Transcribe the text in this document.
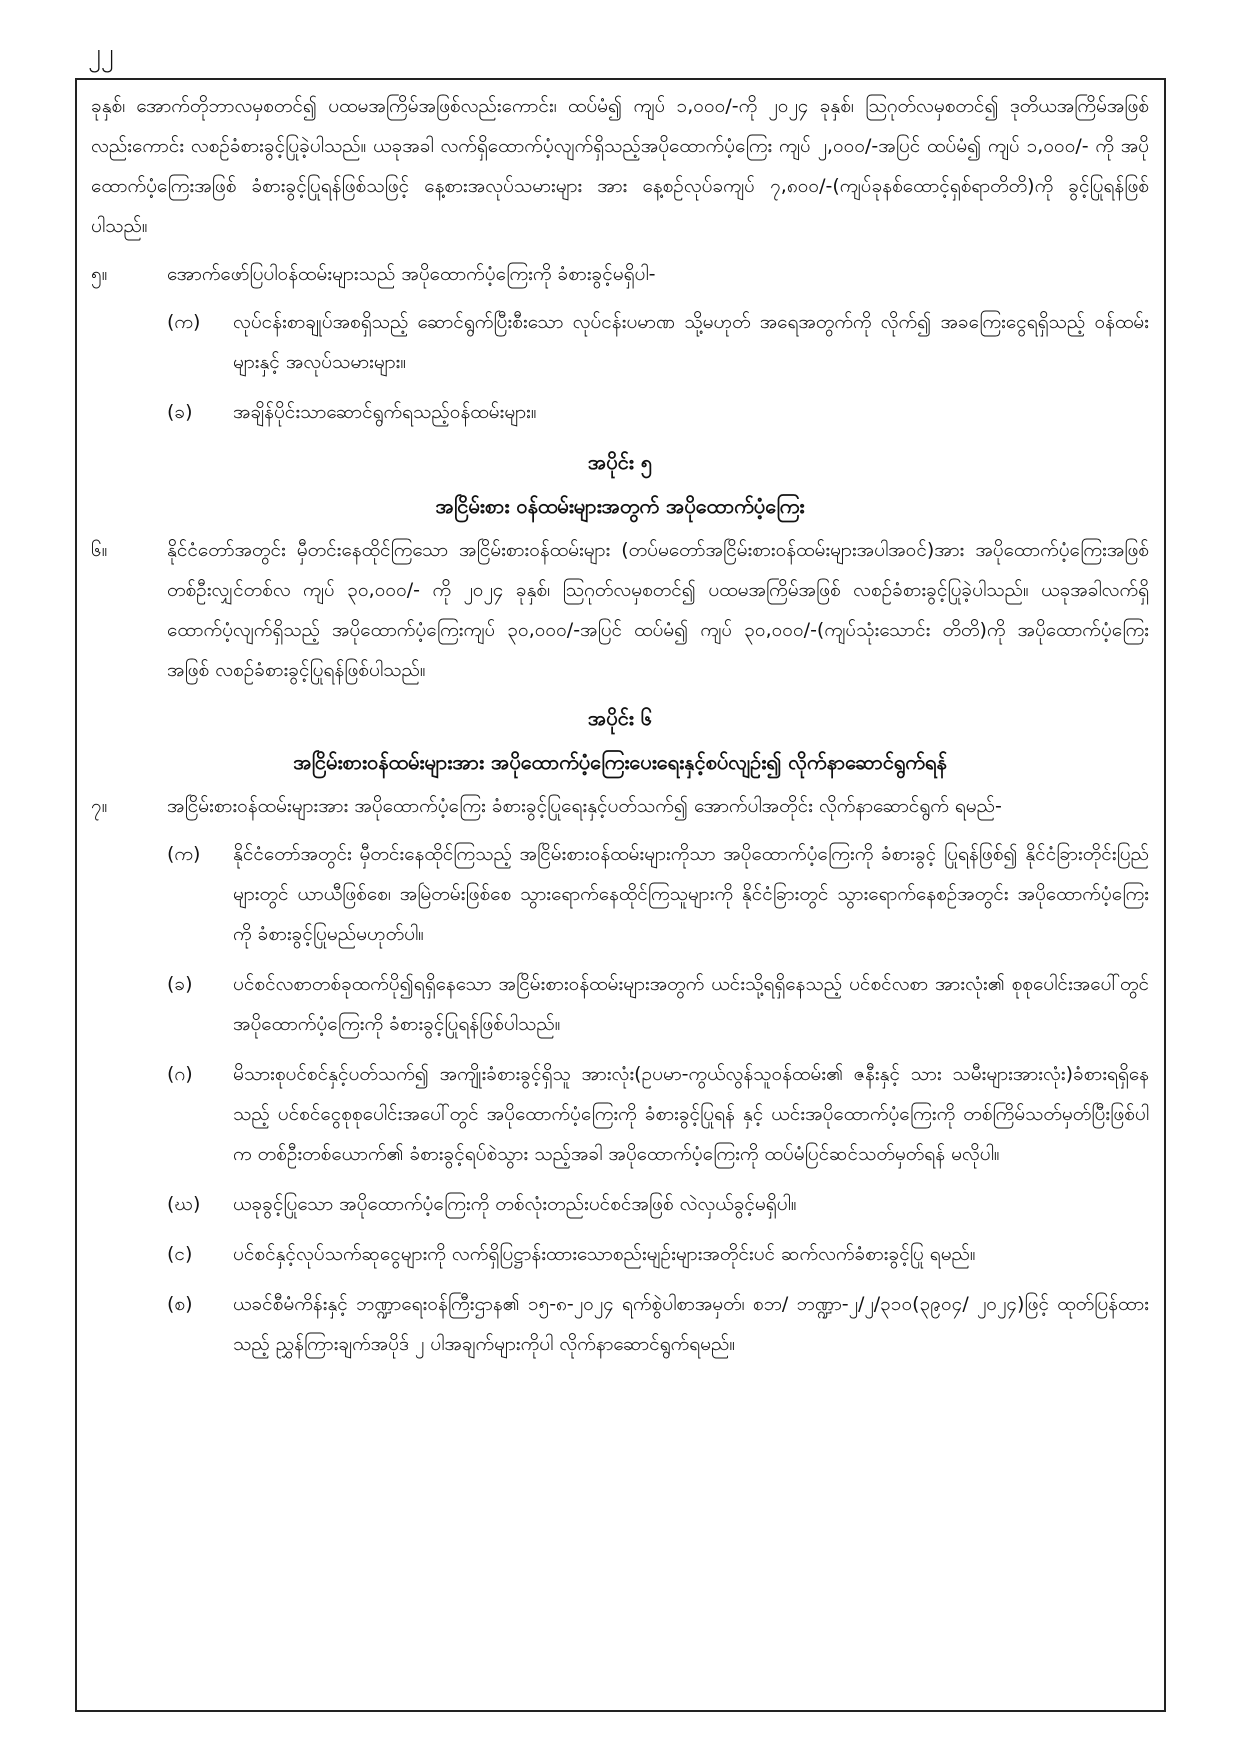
၂၂

ခုနှစ်၊ အောက်တိုဘာလမှစတင်၍ ပထမအကြိမ်အဖြစ်လည်းကောင်း၊ ထပ်မံ၍ ကျပ် ၁,၀၀၀/-ကို ၂၀၂၄ ခုနှစ်၊ ဩဂုတ်လမှစတင်၍ ဒုတိယအကြိမ်အဖြစ်လည်းကောင်း လစဉ်ခံစားခွင့်ပြုခဲ့ပါသည်။ ယခုအခါ လက်ရှိထောက်ပံ့လျက်ရှိသည့်အပိုထောက်ပံ့ကြေး ကျပ် ၂,၀၀၀/-အပြင် ထပ်မံ၍ ကျပ် ၁,၀၀၀/- ကို အပိုထောက်ပံ့ကြေးအဖြစ် ခံစားခွင့်ပြုရန်ဖြစ်သဖြင့် နေ့စားအလုပ်သမားများ အား နေ့စဉ်လုပ်ခကျပ် ၇,၈၀၀/-(ကျပ်ခုနစ်ထောင့်ရှစ်ရာတိတိ)ကို ခွင့်ပြုရန်ဖြစ်ပါသည်။

၅။	အောက်ဖော်ပြပါဝန်ထမ်းများသည် အပိုထောက်ပံ့ကြေးကို ခံစားခွင့်မရှိပါ-
(က)	လုပ်ငန်းစာချုပ်အစရှိသည့် ဆောင်ရွက်ပြီးစီးသော လုပ်ငန်းပမာဏ သို့မဟုတ် အရေအတွက်ကို လိုက်၍ အခကြေးငွေရရှိသည့် ဝန်ထမ်းများနှင့် အလုပ်သမားများ။
(ခ)	အချိန်ပိုင်းသာဆောင်ရွက်ရသည့်ဝန်ထမ်းများ။
အပိုင်း ၅
အငြိမ်းစား ဝန်ထမ်းများအတွက် အပိုထောက်ပံ့ကြေး
၆။	နိုင်ငံတော်အတွင်း မှီတင်းနေထိုင်ကြသော အငြိမ်းစားဝန်ထမ်းများ (တပ်မတော်အငြိမ်းစားဝန်ထမ်းများအပါအဝင်)အား အပိုထောက်ပံ့ကြေးအဖြစ် တစ်ဦးလျှင်တစ်လ ကျပ် ၃၀,၀၀၀/- ကို ၂၀၂၄ ခုနှစ်၊ ဩဂုတ်လမှစတင်၍ ပထမအကြိမ်အဖြစ် လစဉ်ခံစားခွင့်ပြုခဲ့ပါသည်။ ယခုအခါလက်ရှိထောက်ပံ့လျက်ရှိသည့် အပိုထောက်ပံ့ကြေးကျပ် ၃၀,၀၀၀/-အပြင် ထပ်မံ၍ ကျပ် ၃၀,၀၀၀/-(ကျပ်သုံးသောင်း တိတိ)ကို အပိုထောက်ပံ့ကြေးအဖြစ် လစဉ်ခံစားခွင့်ပြုရန်ဖြစ်ပါသည်။
အပိုင်း ၆
အငြိမ်းစားဝန်ထမ်းများအား အပိုထောက်ပံ့ကြေးပေးရေးနှင့်စပ်လျဉ်း၍ လိုက်နာဆောင်ရွက်ရန်
၇။	အငြိမ်းစားဝန်ထမ်းများအား အပိုထောက်ပံ့ကြေး ခံစားခွင့်ပြုရေးနှင့်ပတ်သက်၍ အောက်ပါအတိုင်း လိုက်နာဆောင်ရွက် ရမည်-
(က)	နိုင်ငံတော်အတွင်း မှီတင်းနေထိုင်ကြသည့် အငြိမ်းစားဝန်ထမ်းများကိုသာ အပိုထောက်ပံ့ကြေးကို ခံစားခွင့် ပြုရန်ဖြစ်၍ နိုင်ငံခြားတိုင်းပြည်များတွင် ယာယီဖြစ်စေ၊ အမြဲတမ်းဖြစ်စေ သွားရောက်နေထိုင်ကြသူများကို နိုင်ငံခြားတွင် သွားရောက်နေစဉ်အတွင်း အပိုထောက်ပံ့ကြေးကို ခံစားခွင့်ပြုမည်မဟုတ်ပါ။
(ခ)	ပင်စင်လစာတစ်ခုထက်ပို၍ရရှိနေသော အငြိမ်းစားဝန်ထမ်းများအတွက် ယင်းသို့ရရှိနေသည့် ပင်စင်လစာ အားလုံး၏ စုစုပေါင်းအပေါ်တွင် အပိုထောက်ပံ့ကြေးကို ခံစားခွင့်ပြုရန်ဖြစ်ပါသည်။
(ဂ)	မိသားစုပင်စင်နှင့်ပတ်သက်၍ အကျိုးခံစားခွင့်ရှိသူ အားလုံး(ဥပမာ-ကွယ်လွန်သူဝန်ထမ်း၏ ဇနီးနှင့် သား သမီးများအားလုံး)ခံစားရရှိနေသည့် ပင်စင်ငွေစုစုပေါင်းအပေါ်တွင် အပိုထောက်ပံ့ကြေးကို ခံစားခွင့်ပြုရန် နှင့် ယင်းအပိုထောက်ပံ့ကြေးကို တစ်ကြိမ်သတ်မှတ်ပြီးဖြစ်ပါက တစ်ဦးတစ်ယောက်၏ ခံစားခွင့်ရပ်စဲသွား သည့်အခါ အပိုထောက်ပံ့ကြေးကို ထပ်မံပြင်ဆင်သတ်မှတ်ရန် မလိုပါ။
(ဃ)	ယခုခွင့်ပြုသော အပိုထောက်ပံ့ကြေးကို တစ်လုံးတည်းပင်စင်အဖြစ် လဲလှယ်ခွင့်မရှိပါ။
(င)	ပင်စင်နှင့်လုပ်သက်ဆုငွေများကို လက်ရှိပြဋ္ဌာန်းထားသောစည်းမျဉ်းများအတိုင်းပင် ဆက်လက်ခံစားခွင့်ပြု ရမည်။
(စ)	ယခင်စီမံကိန်းနှင့် ဘဏ္ဍာရေးဝန်ကြီးဌာန၏ ၁၅-၈-၂၀၂၄ ရက်စွဲပါစာအမှတ်၊ စဘ/ ဘဏ္ဍာ-၂/၂/၃၁၀(၃၉၀၄/ ၂၀၂၄)ဖြင့် ထုတ်ပြန်ထားသည့် ညွှန်ကြားချက်အပိုဒ် ၂ ပါအချက်များကိုပါ လိုက်နာဆောင်ရွက်ရမည်။
